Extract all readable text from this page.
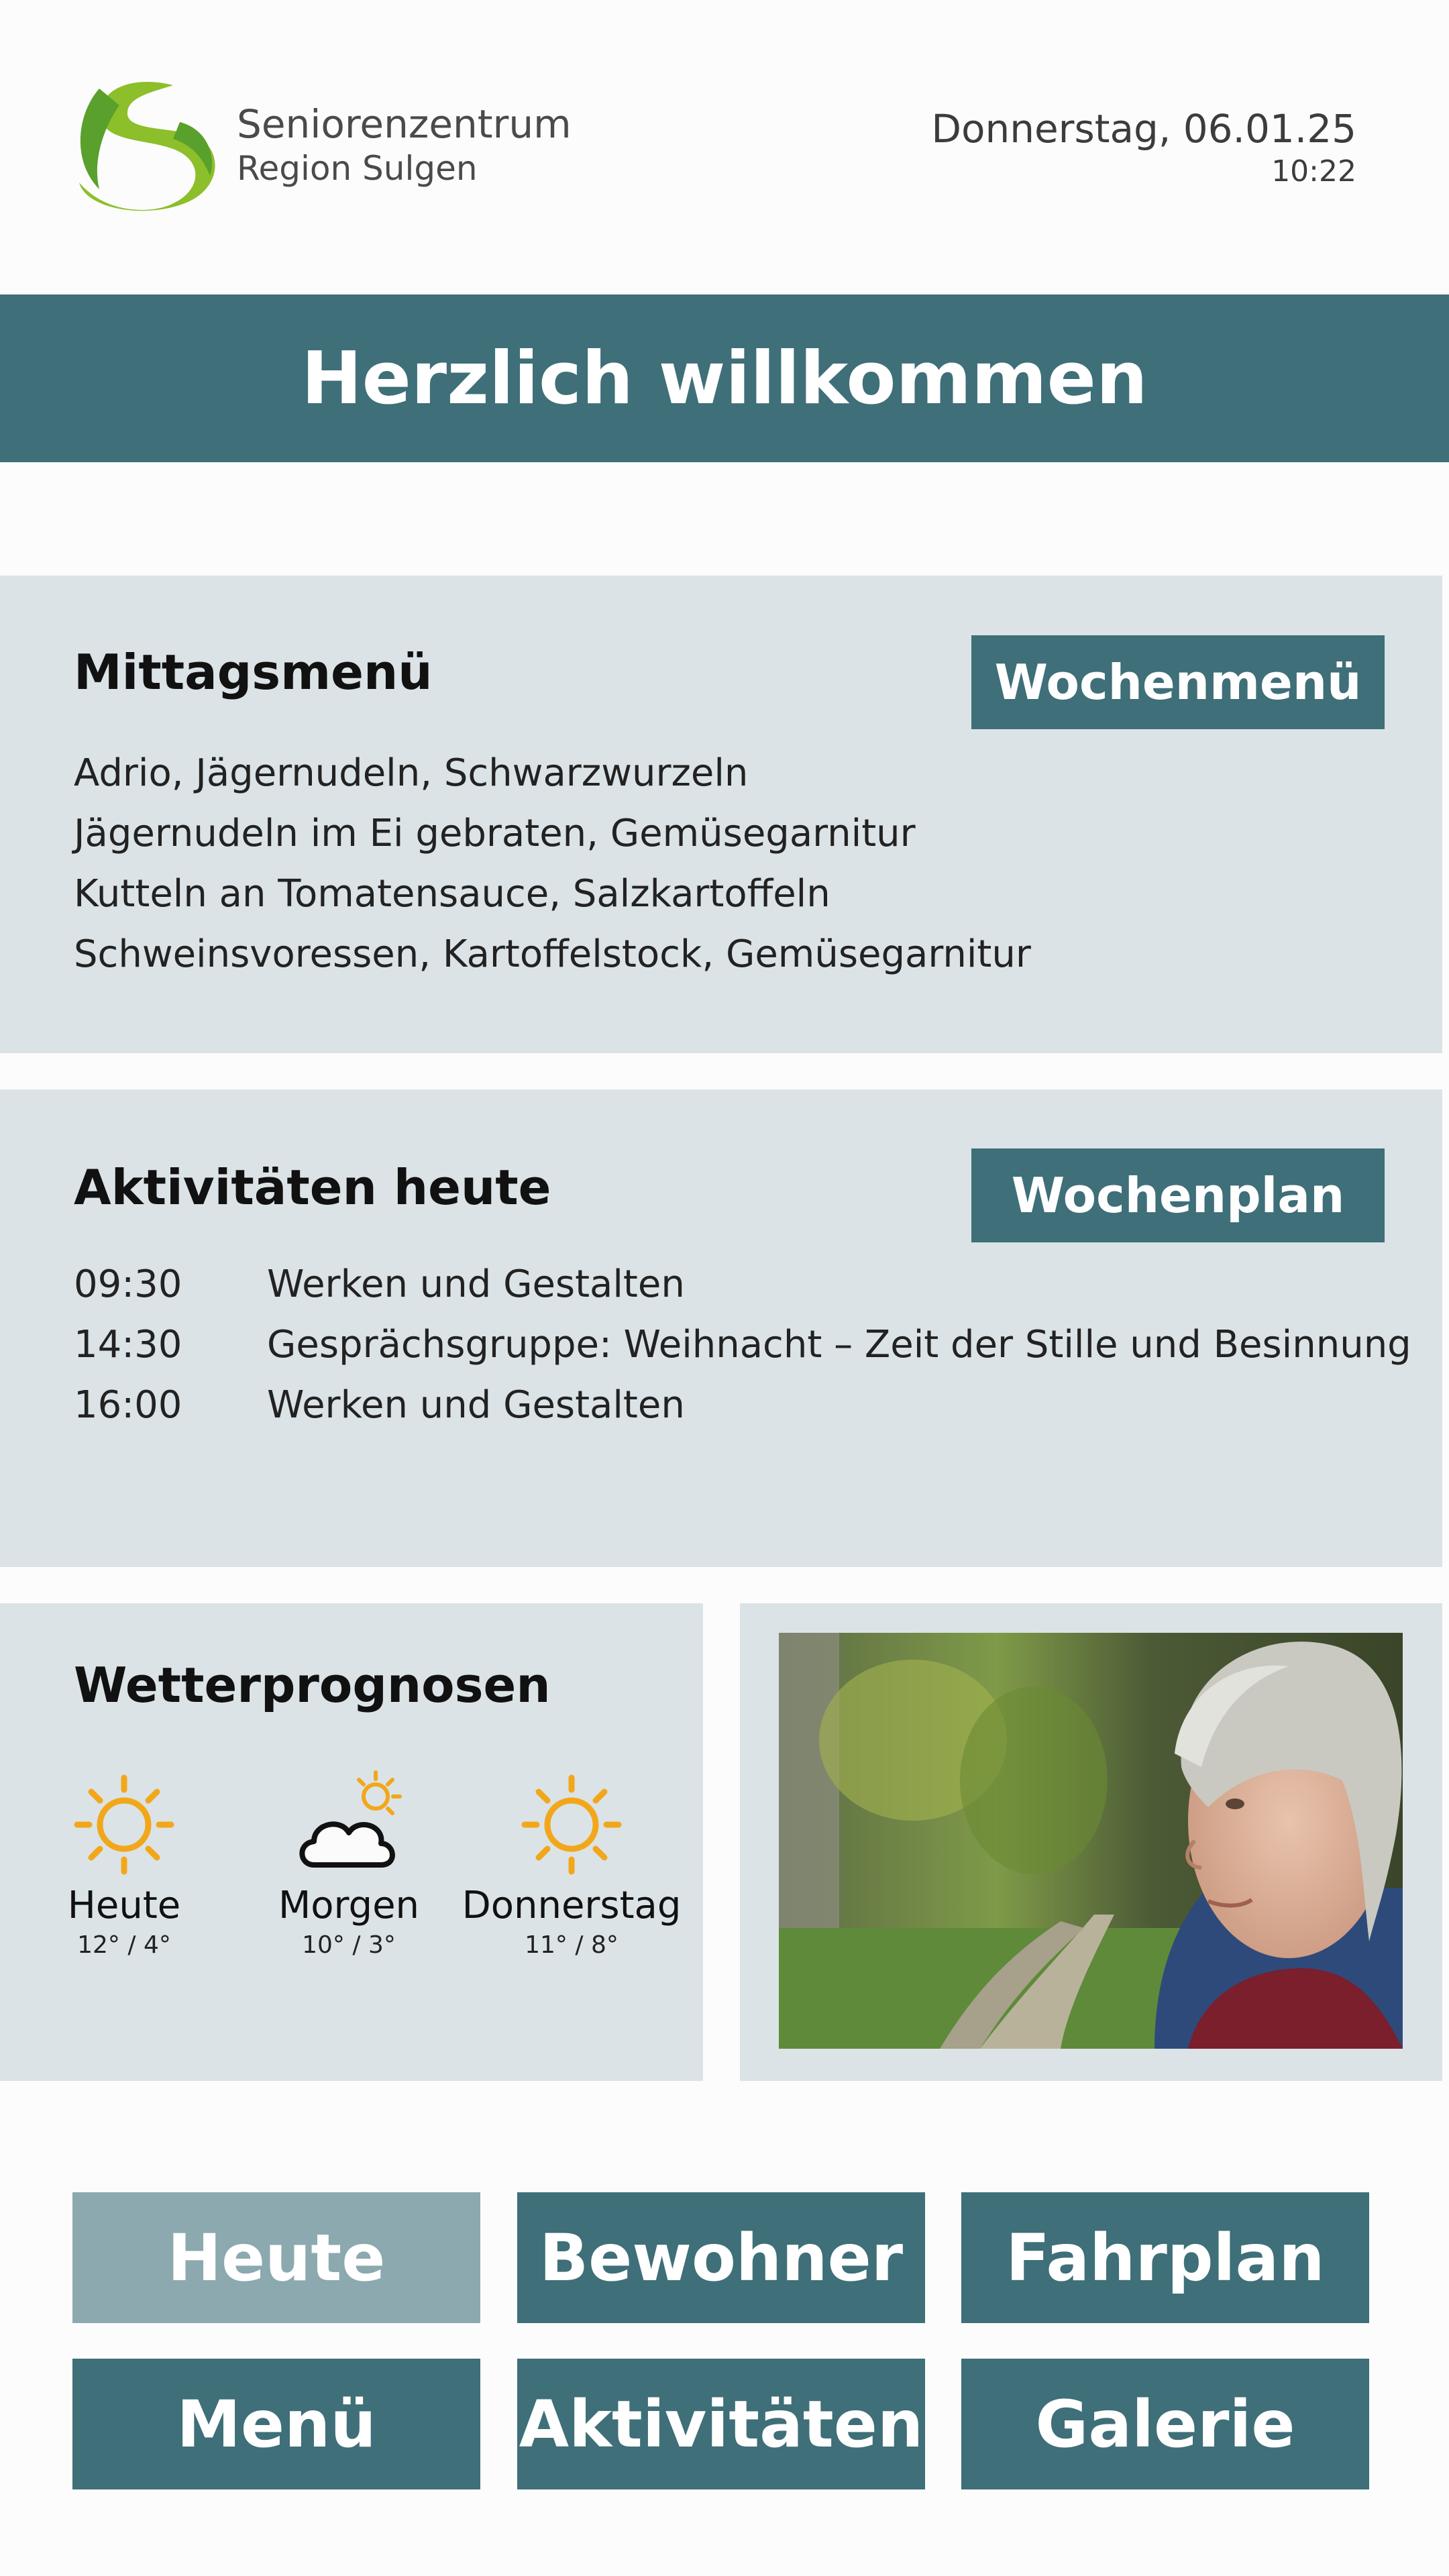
Seniorenzentrum
Region Sulgen
Donnerstag, 06.01.25
10:22
Herzlich willkommen
Mittagsmenü	Wochenmenü
Adrio, Jägernudeln, Schwarzwurzeln
Jägernudeln im Ei gebraten, Gemüsegarnitur
Kutteln an Tomatensauce, Salzkartoffeln
Schweinsvoressen, Kartoffelstock, Gemüsegarnitur
Aktivitäten heute	Wochenplan
09:30	Werken und Gestalten
14:30	Gesprächsgruppe: Weihnacht – Zeit der Stille und Besinnung
16:00	Werken und Gestalten
Wetterprognosen
Heute
12° / 4°
Morgen
10° / 3°
Donnerstag
11° / 8°
Heute	Bewohner	Fahrplan
Menü	Aktivitäten	Galerie
